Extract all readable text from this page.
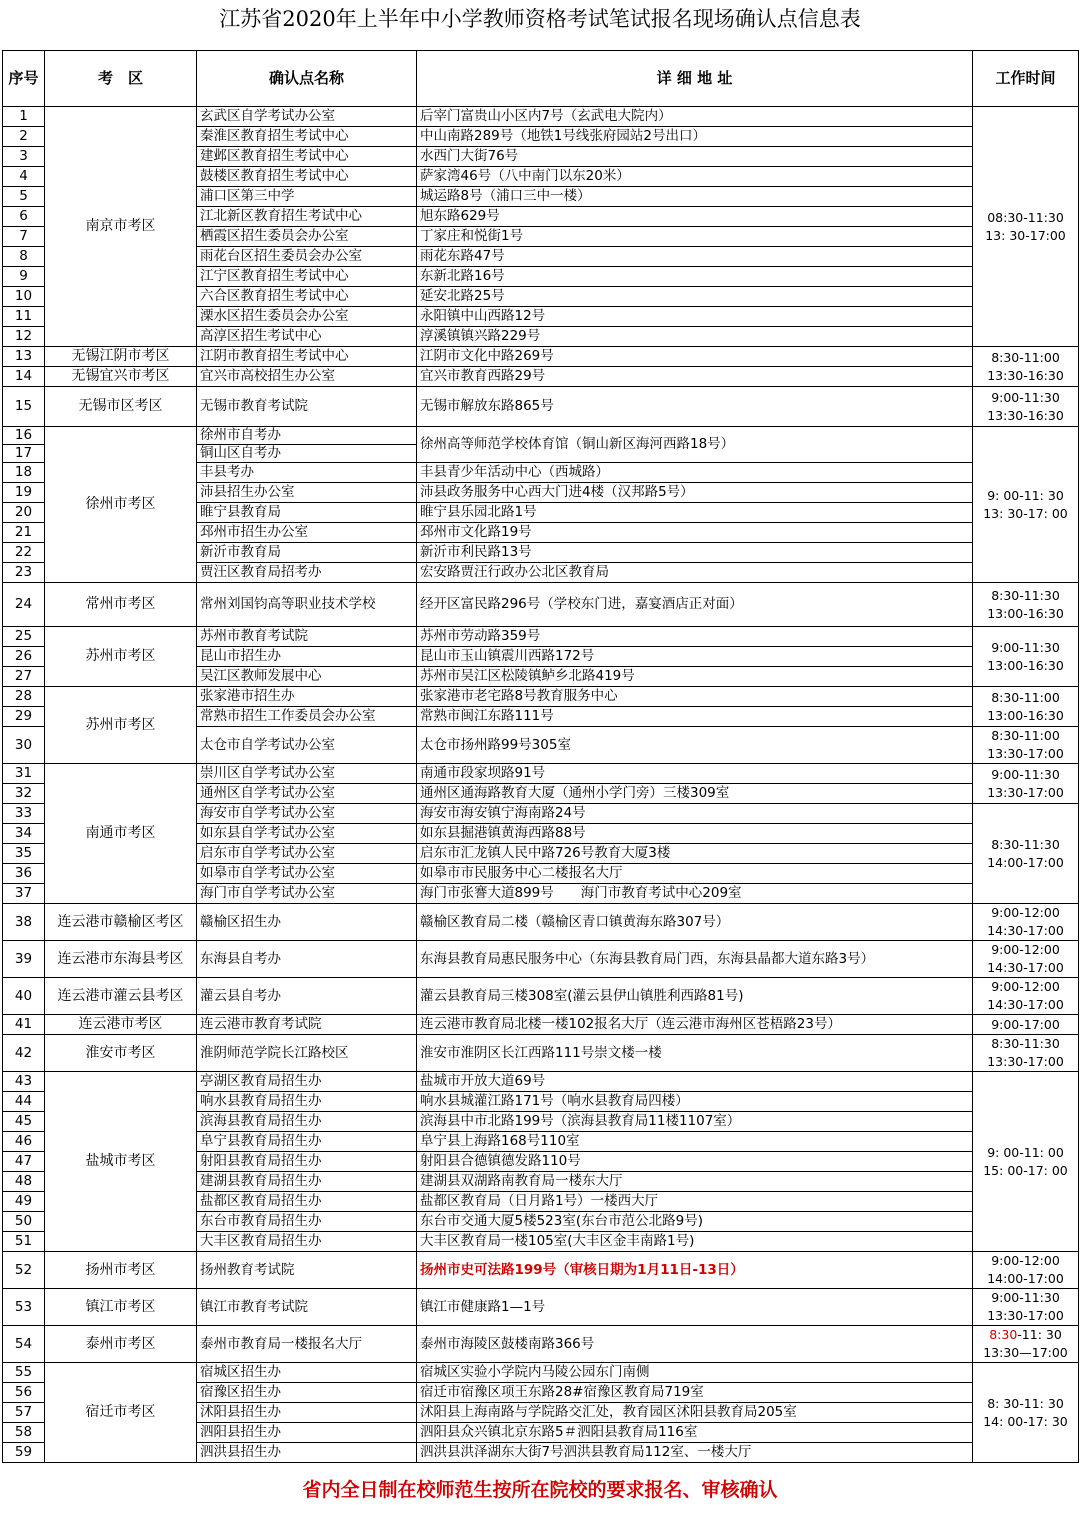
江苏省2020年上半年中小学教师资格考试笔试报名现场确认点信息表
序号	考　区	确认点名称	详 细 地 址	工作时间
1	南京市考区	玄武区自学考试办公室	后宰门富贵山小区内7号（玄武电大院内）	08:30-11:30
13: 30-17:00

2		秦淮区教育招生考试中心	中山南路289号（地铁1号线张府园站2号出口）	
3		建邺区教育招生考试中心	水西门大街76号	
4		鼓楼区教育招生考试中心	萨家湾46号（八中南门以东20米）	
5		浦口区第三中学	城运路8号（浦口三中一楼）	
6		江北新区教育招生考试中心	旭东路629号	
7		栖霞区招生委员会办公室	丁家庄和悦街1号	
8		雨花台区招生委员会办公室	雨花东路47号	
9		江宁区教育招生考试中心	东新北路16号	
10		六合区教育招生考试中心	延安北路25号	
11		溧水区招生委员会办公室	永阳镇中山西路12号	
12		高淳区招生考试中心	淳溪镇镇兴路229号	
13	无锡江阴市考区	江阴市教育招生考试中心	江阴市文化中路269号	8:30-11:00
13:30-16:30

14	无锡宜兴市考区	宜兴市高校招生办公室	宜兴市教育西路29号	
15	无锡市区考区	无锡市教育考试院	无锡市解放东路865号	9:00-11:30
13:30-16:30

16	徐州市考区	徐州市自考办	徐州高等师范学校体育馆（铜山新区海河西路18号）	9: 00-11: 30
13: 30-17: 00

17		铜山区自考办		
18		丰县考办	丰县青少年活动中心（西城路）	
19		沛县招生办公室	沛县政务服务中心西大门进4楼（汉邦路5号）	
20		睢宁县教育局	睢宁县乐园北路1号	
21		邳州市招生办公室	邳州市文化路19号	
22		新沂市教育局	新沂市利民路13号	
23		贾汪区教育局招考办	宏安路贾汪行政办公北区教育局	
24	常州市考区	常州刘国钧高等职业技术学校	经开区富民路296号（学校东门进，嘉宴酒店正对面）	8:30-11:30
13:00-16:30

25	苏州市考区	苏州市教育考试院	苏州市劳动路359号	9:00-11:30
13:00-16:30

26		昆山市招生办	昆山市玉山镇震川西路172号	
27		吴江区教师发展中心	苏州市吴江区松陵镇鲈乡北路419号	
28	苏州市考区	张家港市招生办	张家港市老宅路8号教育服务中心	8:30-11:00
13:00-16:30

29		常熟市招生工作委员会办公室	常熟市闽江东路111号	
30		太仓市自学考试办公室	太仓市扬州路99号305室	8:30-11:00
13:30-17:00

31	南通市考区	崇川区自学考试办公室	南通市段家坝路91号	9:00-11:30
13:30-17:00

32		通州区自学考试办公室	通州区通海路教育大厦（通州小学门旁）三楼309室	
33		海安市自学考试办公室	海安市海安镇宁海南路24号	8:30-11:30
14:00-17:00

34		如东县自学考试办公室	如东县掘港镇黄海西路88号	
35		启东市自学考试办公室	启东市汇龙镇人民中路726号教育大厦3楼	
36		如皋市自学考试办公室	如皋市市民服务中心二楼报名大厅	
37		海门市自学考试办公室	海门市张謇大道899号　　海门市教育考试中心209室	
38	连云港市赣榆区考区	赣榆区招生办	赣榆区教育局二楼（赣榆区青口镇黄海东路307号）	9:00-12:00
14:30-17:00

39	连云港市东海县考区	东海县自考办	东海县教育局惠民服务中心（东海县教育局门西，东海县晶都大道东路3号）	9:00-12:00
14:30-17:00

40	连云港市灌云县考区	灌云县自考办	灌云县教育局三楼308室(灌云县伊山镇胜利西路81号)	9:00-12:00
14:30-17:00

41	连云港市考区	连云港市教育考试院	连云港市教育局北楼一楼102报名大厅（连云港市海州区苍梧路23号）	9:00-17:00

42	淮安市考区	淮阴师范学院长江路校区	淮安市淮阴区长江西路111号崇文楼一楼	8:30-11:30
13:30-17:00

43	盐城市考区	亭湖区教育局招生办	盐城市开放大道69号	9: 00-11: 00
15: 00-17: 00

44		响水县教育局招生办	响水县城灌江路171号（响水县教育局四楼）	
45		滨海县教育局招生办	滨海县中市北路199号（滨海县教育局11楼1107室）	
46		阜宁县教育局招生办	阜宁县上海路168号110室	
47		射阳县教育局招生办	射阳县合德镇德发路110号	
48		建湖县教育局招生办	建湖县双湖路南教育局一楼东大厅	
49		盐都区教育局招生办	盐都区教育局（日月路1号）一楼西大厅	
50		东台市教育局招生办	东台市交通大厦5楼523室(东台市范公北路9号)	
51		大丰区教育局招生办	大丰区教育局一楼105室(大丰区金丰南路1号)	
52	扬州市考区	扬州教育考试院	扬州市史可法路199号（审核日期为1月11日-13日）	9:00-12:00
14:00-17:00

53	镇江市考区	镇江市教育考试院	镇江市健康路1—1号	9:00-11:30
13:30-17:00

54	泰州市考区	泰州市教育局一楼报名大厅	泰州市海陵区鼓楼南路366号	8:30-11: 30
13:30—17:00

55	宿迁市考区	宿城区招生办	宿城区实验小学院内马陵公园东门南侧	8: 30-11: 30
14: 00-17: 30

56		宿豫区招生办	宿迁市宿豫区项王东路28#宿豫区教育局719室	
57		沭阳县招生办	沭阳县上海南路与学院路交汇处，教育园区沭阳县教育局205室	
58		泗阳县招生办	泗阳县众兴镇北京东路5＃泗阳县教育局116室	
59		泗洪县招生办	泗洪县洪泽湖东大街7号泗洪县教育局112室、一楼大厅	
省内全日制在校师范生按所在院校的要求报名、审核确认
